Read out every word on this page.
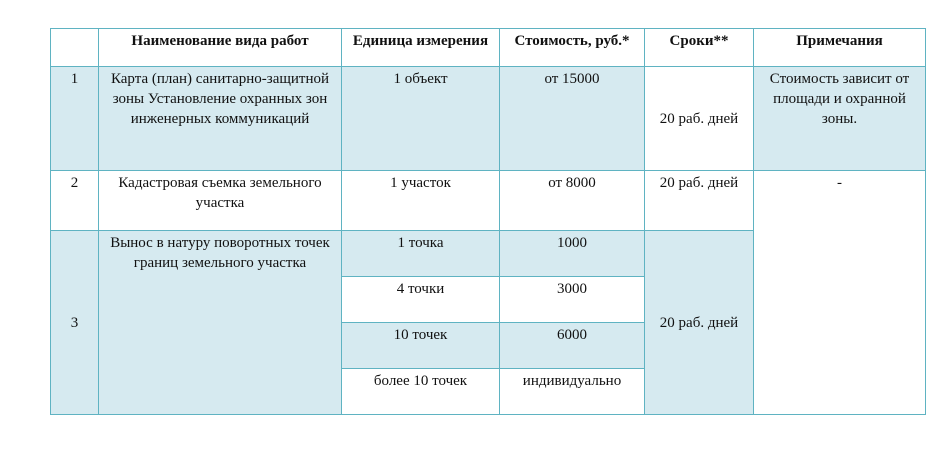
	Наименование вида работ	Единица измерения	Стоимость, руб.*	Сроки**	Примечания
1	Карта (план) санитарно-защитной зоны Установление охранных зон инженерных коммуникаций	1 объект	от 15000	20 раб. дней	Стоимость зависит от площади и охранной зоны.
2	Кадастровая съемка земельного участка	1 участок	от 8000	20 раб. дней	-
3	Вынос в натуру поворотных точек границ земельного участка	1 точка	1000	20 раб. дней	
		4 точки	3000		
		10 точек	6000		
		более 10 точек	индивидуально		
